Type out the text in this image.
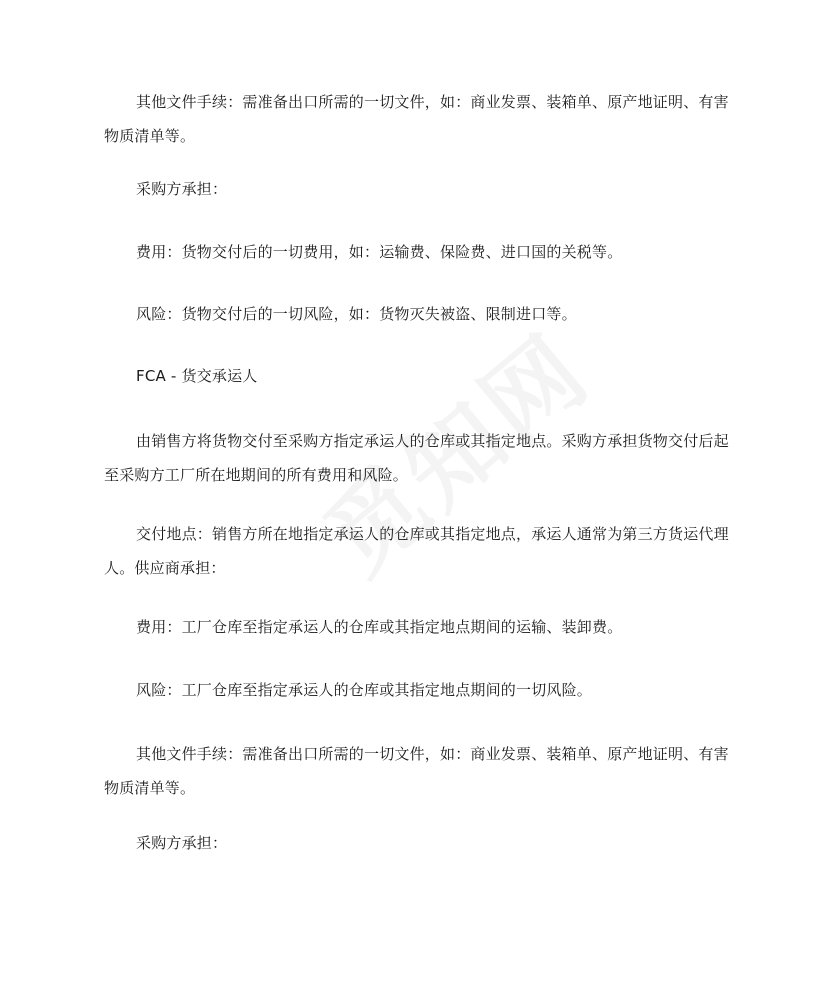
其他文件手续：需准备出口所需的一切文件，如：商业发票、装箱单、原产地证明、有害物质清单等。

采购方承担：

费用：货物交付后的一切费用，如：运输费、保险费、进口国的关税等。

风险：货物交付后的一切风险，如：货物灭失被盗、限制进口等。

FCA - 货交承运人

由销售方将货物交付至采购方指定承运人的仓库或其指定地点。采购方承担货物交付后起至采购方工厂所在地期间的所有费用和风险。

交付地点：销售方所在地指定承运人的仓库或其指定地点，承运人通常为第三方货运代理人。供应商承担：

费用：工厂仓库至指定承运人的仓库或其指定地点期间的运输、装卸费。

风险：工厂仓库至指定承运人的仓库或其指定地点期间的一切风险。

其他文件手续：需准备出口所需的一切文件，如：商业发票、装箱单、原产地证明、有害物质清单等。

采购方承担：
